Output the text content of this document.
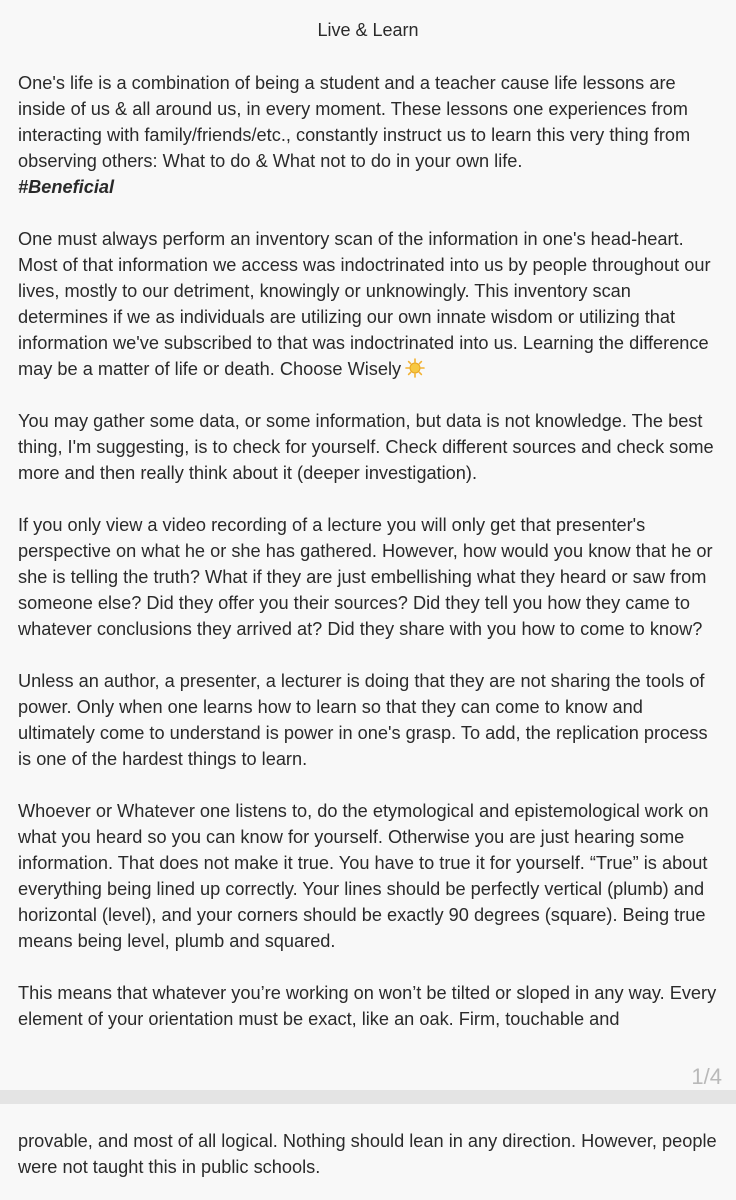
Live & Learn

One's life is a combination of being a student and a teacher cause life lessons are inside of us & all around us, in every moment. These lessons one experiences from interacting with family/friends/etc., constantly instruct us to learn this very thing from observing others: What to do & What not to do in your own life.
#Beneficial

One must always perform an inventory scan of the information in one's head-heart. Most of that information we access was indoctrinated into us by people throughout our lives, mostly to our detriment, knowingly or unknowingly. This inventory scan determines if we as individuals are utilizing our own innate wisdom or utilizing that information we've subscribed to that was indoctrinated into us. Learning the difference may be a matter of life or death. Choose Wisely

You may gather some data, or some information, but data is not knowledge. The best thing, I'm suggesting, is to check for yourself. Check different sources and check some more and then really think about it (deeper investigation).

If you only view a video recording of a lecture you will only get that presenter's perspective on what he or she has gathered. However, how would you know that he or she is telling the truth? What if they are just embellishing what they heard or saw from someone else? Did they offer you their sources? Did they tell you how they came to whatever conclusions they arrived at? Did they share with you how to come to know?

Unless an author, a presenter, a lecturer is doing that they are not sharing the tools of power. Only when one learns how to learn so that they can come to know and ultimately come to understand is power in one's grasp. To add, the replication process is one of the hardest things to learn.

Whoever or Whatever one listens to, do the etymological and epistemological work on what you heard so you can know for yourself. Otherwise you are just hearing some information. That does not make it true. You have to true it for yourself. “True” is about everything being lined up correctly. Your lines should be perfectly vertical (plumb) and horizontal (level), and your corners should be exactly 90 degrees (square). Being true means being level, plumb and squared.

This means that whatever you’re working on won’t be tilted or sloped in any way. Every element of your orientation must be exact, like an oak. Firm, touchable and

1/4

provable, and most of all logical. Nothing should lean in any direction. However, people were not taught this in public schools.
